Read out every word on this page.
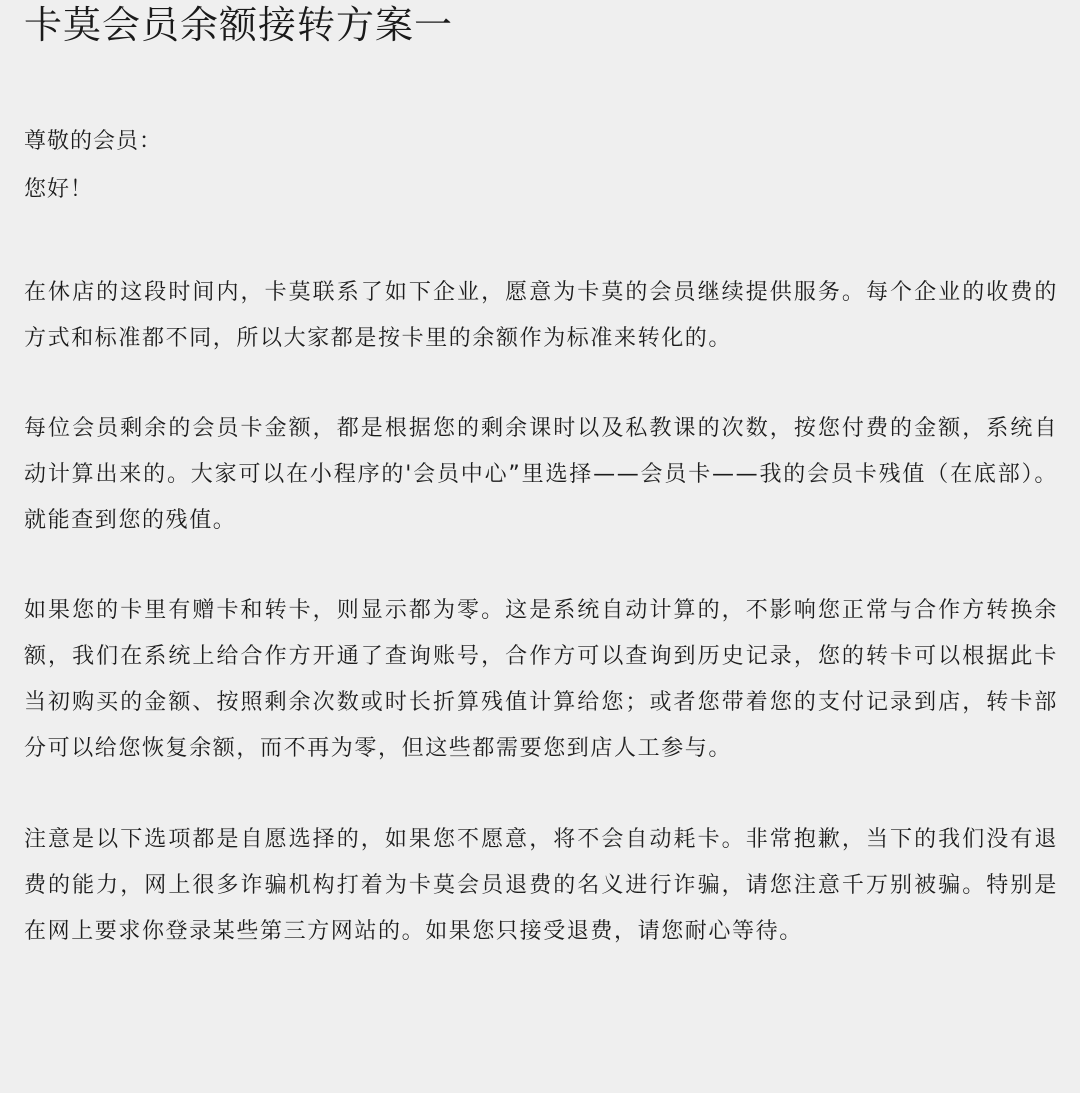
卡莫会员余额接转方案一
尊敬的会员：
您好！

在休店的这段时间内，卡莫联系了如下企业，愿意为卡莫的会员继续提供服务。每个企业的收费的方式和标准都不同，所以大家都是按卡里的余额作为标准来转化的。

每位会员剩余的会员卡金额，都是根据您的剩余课时以及私教课的次数，按您付费的金额，系统自动计算出来的。大家可以在小程序的'会员中心”里选择——会员卡——我的会员卡残值（在底部）。就能查到您的残值。

如果您的卡里有赠卡和转卡，则显示都为零。这是系统自动计算的，不影响您正常与合作方转换余额，我们在系统上给合作方开通了查询账号，合作方可以查询到历史记录，您的转卡可以根据此卡当初购买的金额、按照剩余次数或时长折算残值计算给您；或者您带着您的支付记录到店，转卡部分可以给您恢复余额，而不再为零，但这些都需要您到店人工参与。

注意是以下选项都是自愿选择的，如果您不愿意，将不会自动耗卡。非常抱歉，当下的我们没有退费的能力，网上很多诈骗机构打着为卡莫会员退费的名义进行诈骗，请您注意千万别被骗。特别是在网上要求你登录某些第三方网站的。如果您只接受退费，请您耐心等待。
